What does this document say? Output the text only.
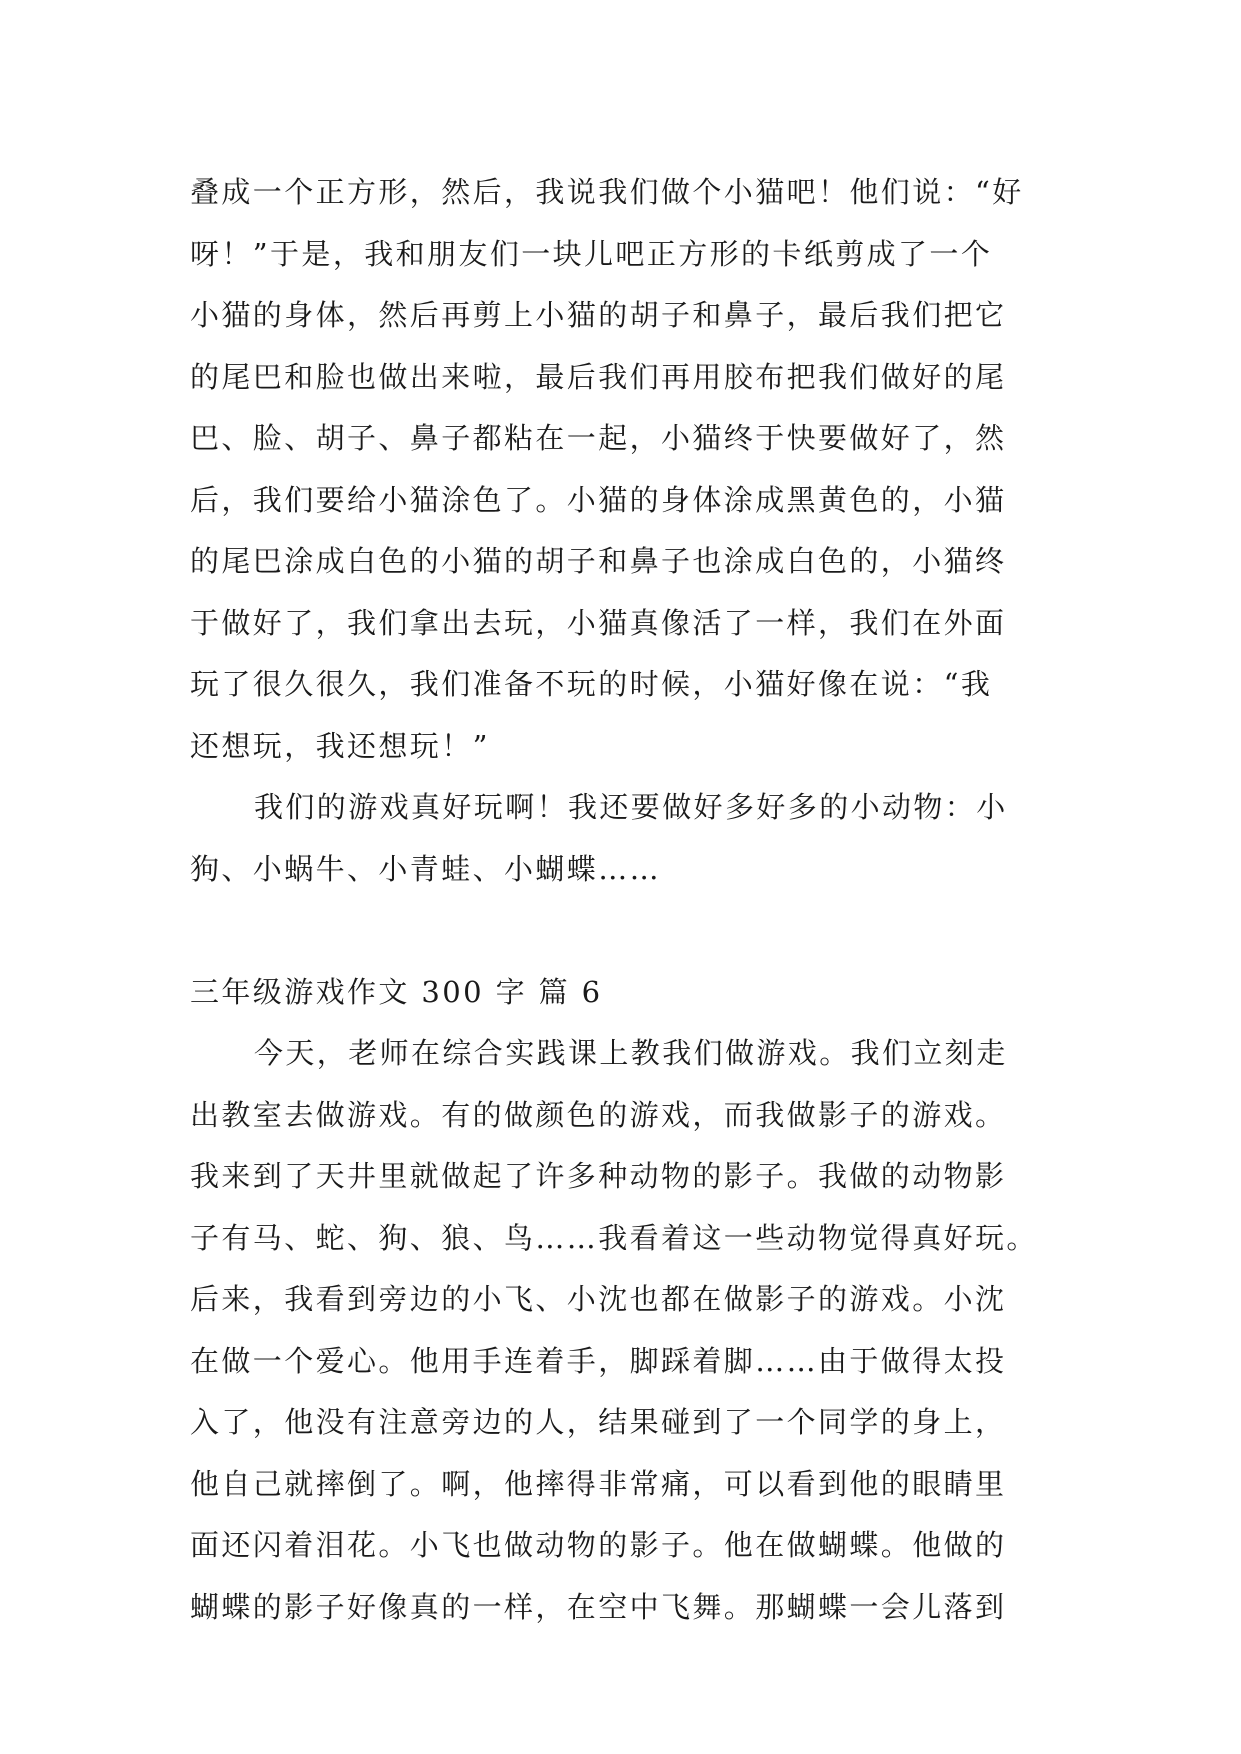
叠成一个正方形，然后，我说我们做个小猫吧！他们说：“好
呀！”于是，我和朋友们一块儿吧正方形的卡纸剪成了一个
小猫的身体，然后再剪上小猫的胡子和鼻子，最后我们把它
的尾巴和脸也做出来啦，最后我们再用胶布把我们做好的尾
巴、脸、胡子、鼻子都粘在一起，小猫终于快要做好了，然
后，我们要给小猫涂色了。小猫的身体涂成黑黄色的，小猫
的尾巴涂成白色的小猫的胡子和鼻子也涂成白色的，小猫终
于做好了，我们拿出去玩，小猫真像活了一样，我们在外面
玩了很久很久，我们准备不玩的时候，小猫好像在说：“我
还想玩，我还想玩！”
我们的游戏真好玩啊！我还要做好多好多的小动物：小
狗、小蜗牛、小青蛙、小蝴蝶……
三年级游戏作文 300 字 篇 6
今天，老师在综合实践课上教我们做游戏。我们立刻走
出教室去做游戏。有的做颜色的游戏，而我做影子的游戏。
我来到了天井里就做起了许多种动物的影子。我做的动物影
子有马、蛇、狗、狼、鸟……我看着这一些动物觉得真好玩。
后来，我看到旁边的小飞、小沈也都在做影子的游戏。小沈
在做一个爱心。他用手连着手，脚踩着脚……由于做得太投
入了，他没有注意旁边的人，结果碰到了一个同学的身上，
他自己就摔倒了。啊，他摔得非常痛，可以看到他的眼睛里
面还闪着泪花。小飞也做动物的影子。他在做蝴蝶。他做的
蝴蝶的影子好像真的一样，在空中飞舞。那蝴蝶一会儿落到
